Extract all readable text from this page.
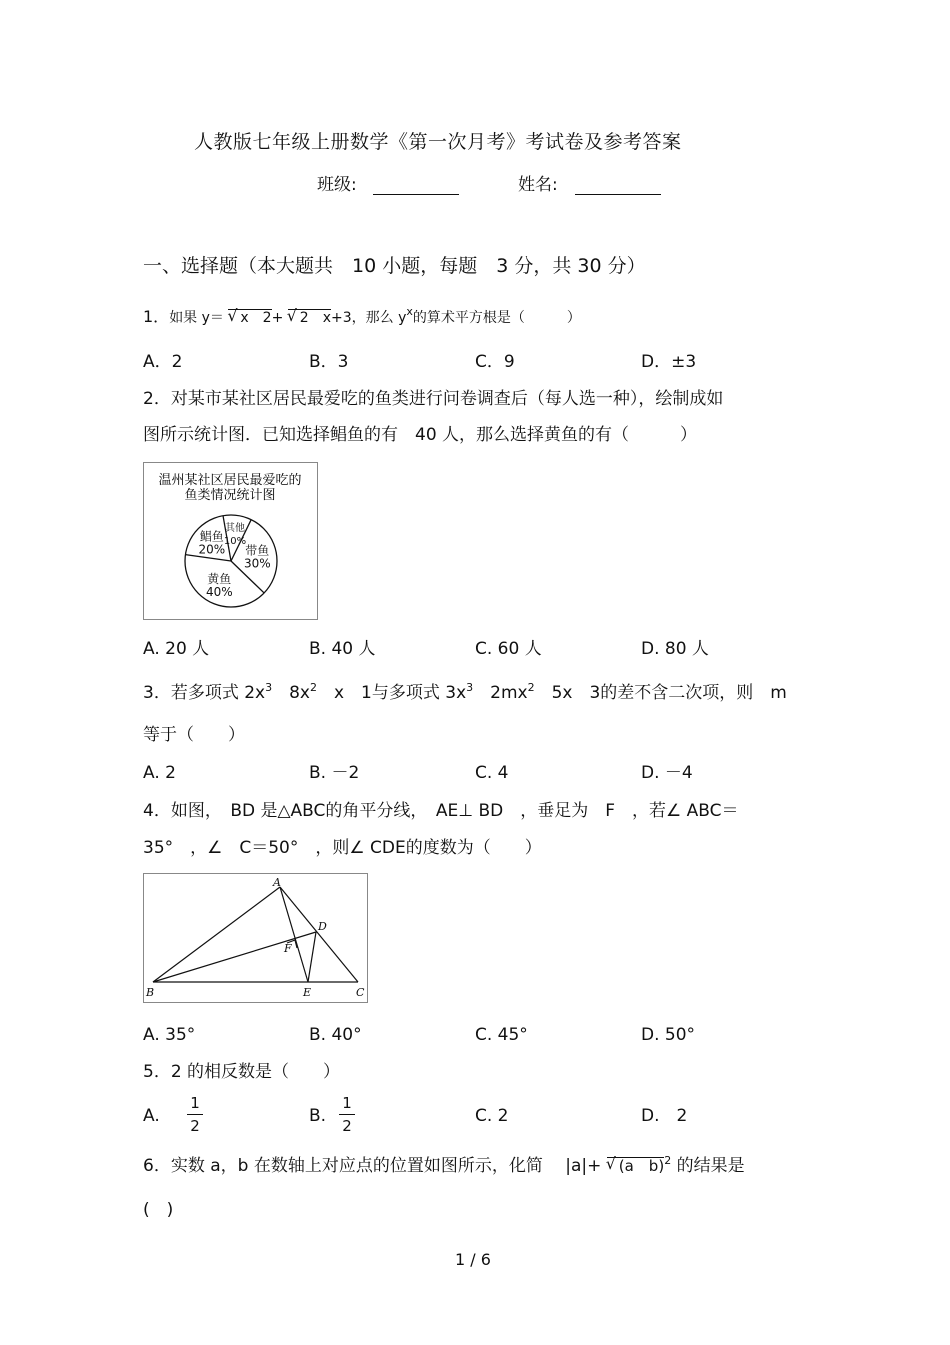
人教版七年级上册数学《第一次月考》考试卷及参考答案
班级:	姓名:
一、选择题（本大题共　10 小题，每题　3 分，共 30 分）
1．如果 y＝ √ x　2+ √ 2　x+3，那么 $y^x$的算术平方根是（　　　）
A．2	B．3	C．9	D．±3
2．对某市某社区居民最爱吃的鱼类进行问卷调查后（每人选一种），绘制成如
图所示统计图．已知选择鲳鱼的有　40 人，那么选择黄鱼的有（　　　）
温州某社区居民最爱吃的
鱼类情况统计图
其他
10%
带鱼
30%
黄鱼
40%
鲳鱼
20%
A. 20 人	B. 40 人	C. 60 人	D. 80 人
3．若多项式 $2x^3$　$8x^2$　x　1与多项式 $3x^3$　$2mx^2$　5x　3的差不含二次项，则　m
等于（　　）
A. 2	B. －2	C. 4	D. －4
4．如图，　BD 是△ABC的角平分线，　AE⊥ BD　，垂足为　F　，若∠ ABC＝
35°　，∠　C＝50°　，则∠ CDE的度数为（　　）
A
B	C
D
E
F
A. 35°	B. 40°	C. 45°	D. 50°
5．2 的相反数是（　　）
A.
1
2	B.
1
2	C. 2	D.　2
6．实数 a，b 在数轴上对应点的位置如图所示，化简　 |a|+ √ (a　b)$^2$ 的结果是
(　)
1 / 6
